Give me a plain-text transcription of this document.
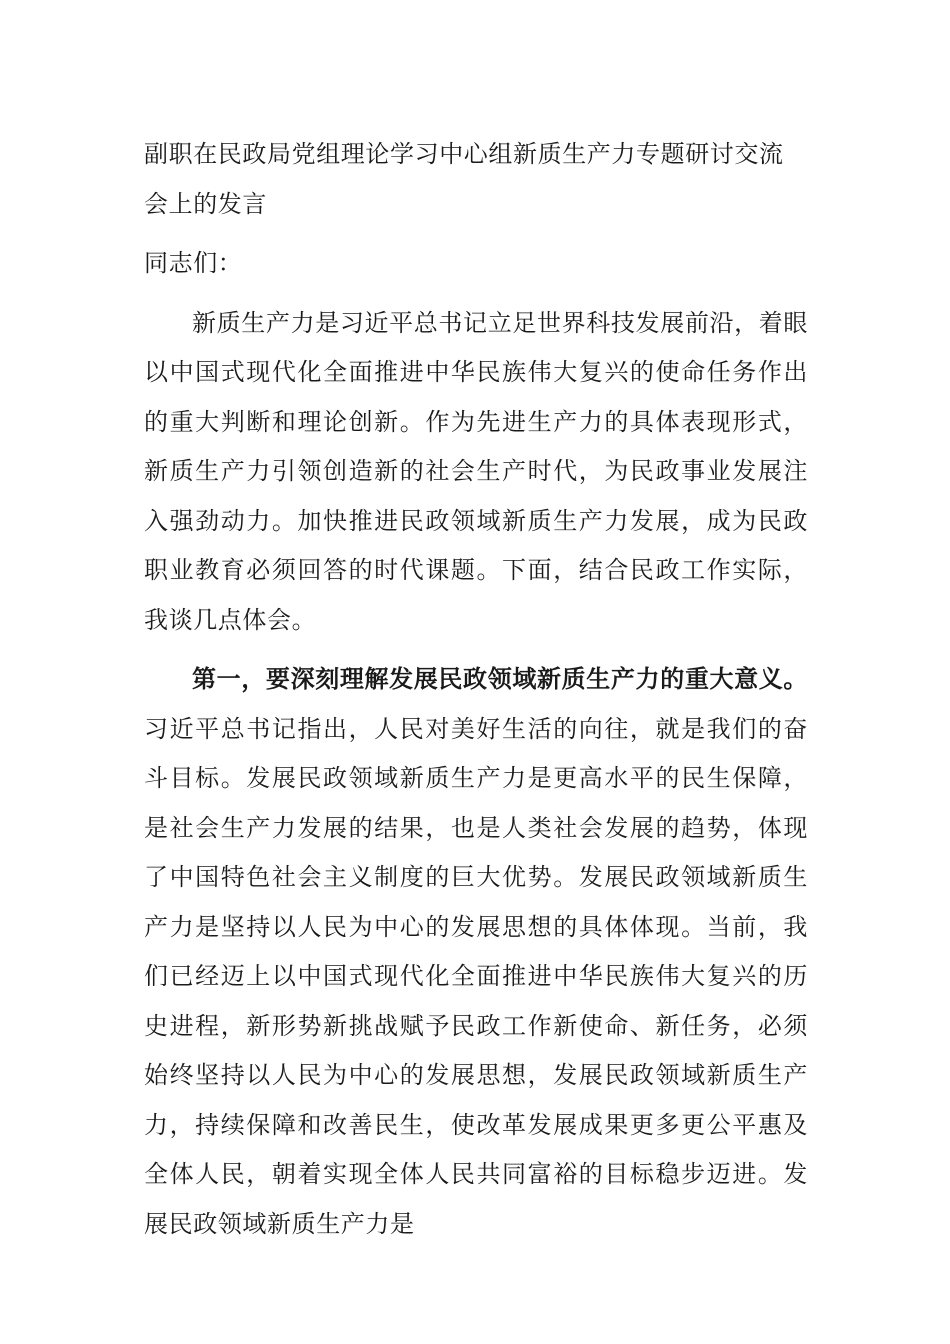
副职在民政局党组理论学习中心组新质生产力专题研讨交流会上的发言

同志们：

新质生产力是习近平总书记立足世界科技发展前沿，着眼以中国式现代化全面推进中华民族伟大复兴的使命任务作出的重大判断和理论创新。作为先进生产力的具体表现形式，新质生产力引领创造新的社会生产时代，为民政事业发展注入强劲动力。加快推进民政领域新质生产力发展，成为民政职业教育必须回答的时代课题。下面，结合民政工作实际，我谈几点体会。

第一，要深刻理解发展民政领域新质生产力的重大意义。习近平总书记指出，人民对美好生活的向往，就是我们的奋斗目标。发展民政领域新质生产力是更高水平的民生保障，是社会生产力发展的结果，也是人类社会发展的趋势，体现了中国特色社会主义制度的巨大优势。发展民政领域新质生产力是坚持以人民为中心的发展思想的具体体现。当前，我们已经迈上以中国式现代化全面推进中华民族伟大复兴的历史进程，新形势新挑战赋予民政工作新使命、新任务，必须始终坚持以人民为中心的发展思想，发展民政领域新质生产力，持续保障和改善民生，使改革发展成果更多更公平惠及全体人民，朝着实现全体人民共同富裕的目标稳步迈进。发展民政领域新质生产力是
